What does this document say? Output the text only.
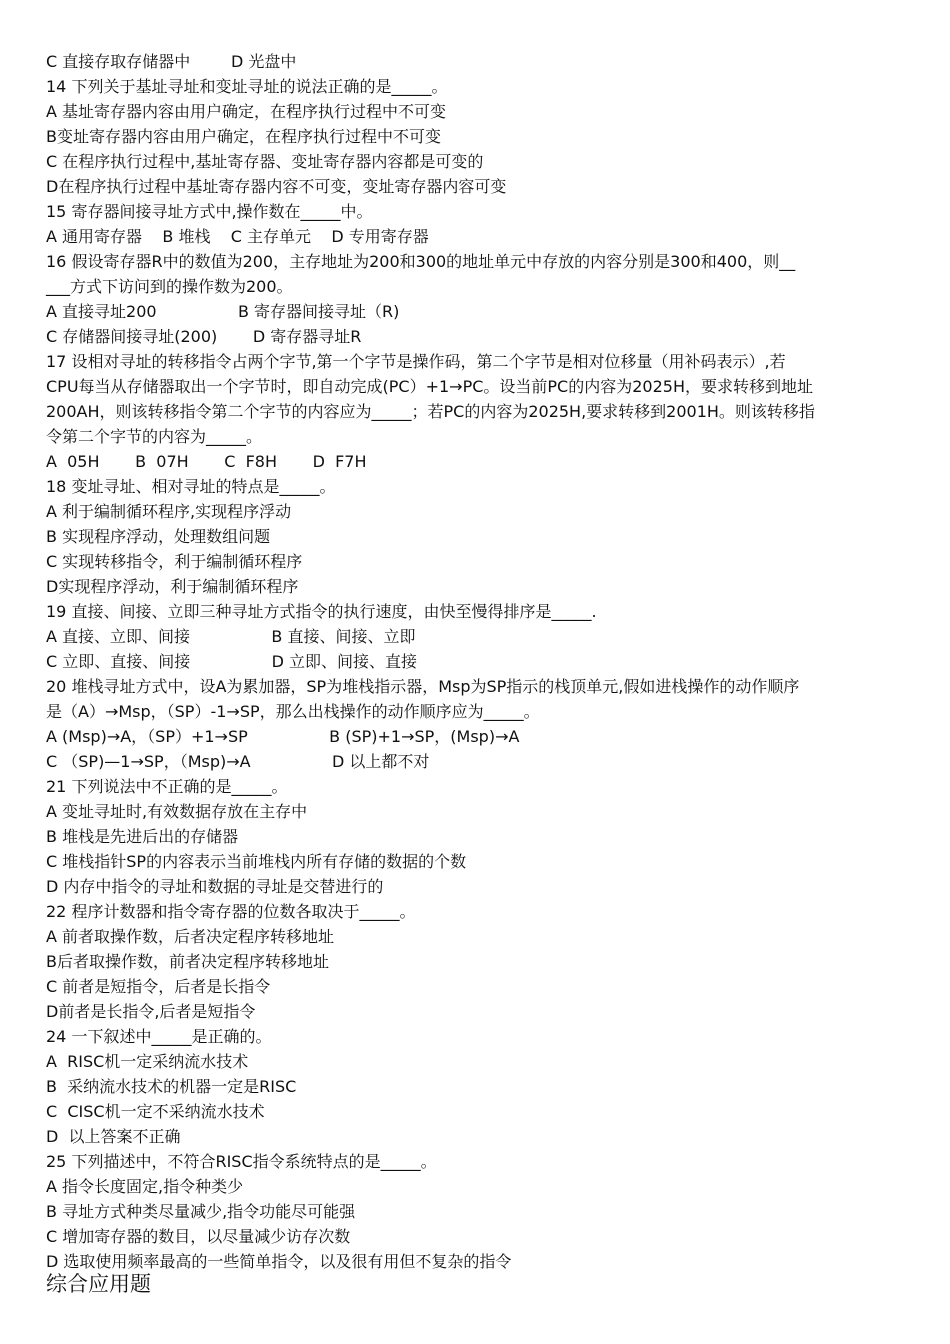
C 直接存取存储器中        D 光盘中
14 下列关于基址寻址和变址寻址的说法正确的是_____。
A 基址寄存器内容由用户确定，在程序执行过程中不可变
B变址寄存器内容由用户确定，在程序执行过程中不可变
C 在程序执行过程中,基址寄存器、变址寄存器内容都是可变的
D在程序执行过程中基址寄存器内容不可变，变址寄存器内容可变
15 寄存器间接寻址方式中,操作数在_____中。
A 通用寄存器    B 堆栈    C 主存单元    D 专用寄存器
16 假设寄存器R中的数值为200，主存地址为200和300的地址单元中存放的内容分别是300和400，则__
___方式下访问到的操作数为200。
A 直接寻址200                B 寄存器间接寻址（R)
C 存储器间接寻址(200)       D 寄存器寻址R
17 设相对寻址的转移指令占两个字节,第一个字节是操作码，第二个字节是相对位移量（用补码表示）,若
CPU每当从存储器取出一个字节时，即自动完成(PC）+1→PC。设当前PC的内容为2025H，要求转移到地址
200AH，则该转移指令第二个字节的内容应为_____；若PC的内容为2025H,要求转移到2001H。则该转移指
令第二个字节的内容为_____。
A  05H       B  07H       C  F8H       D  F7H
18 变址寻址、相对寻址的特点是_____。
A 利于编制循环程序,实现程序浮动
B 实现程序浮动，处理数组问题
C 实现转移指令，利于编制循环程序
D实现程序浮动，利于编制循环程序
19 直接、间接、立即三种寻址方式指令的执行速度，由快至慢得排序是_____.
A 直接、立即、间接                B 直接、间接、立即
C 立即、直接、间接                D 立即、间接、直接
20 堆栈寻址方式中，设A为累加器，SP为堆栈指示器，Msp为SP指示的栈顶单元,假如进栈操作的动作顺序
是（A）→Msp，（SP）-1→SP，那么出栈操作的动作顺序应为_____。
A (Msp)→A，（SP）+1→SP                B (SP)+1→SP，(Msp)→A
C （SP)—1→SP，（Msp)→A                D 以上都不对
21 下列说法中不正确的是_____。
A 变址寻址时,有效数据存放在主存中
B 堆栈是先进后出的存储器
C 堆栈指针SP的内容表示当前堆栈内所有存储的数据的个数
D 内存中指令的寻址和数据的寻址是交替进行的
22 程序计数器和指令寄存器的位数各取决于_____。
A 前者取操作数，后者决定程序转移地址
B后者取操作数，前者决定程序转移地址
C 前者是短指令，后者是长指令
D前者是长指令,后者是短指令
24 一下叙述中_____是正确的。
A  RISC机一定采纳流水技术
B  采纳流水技术的机器一定是RISC
C  CISC机一定不采纳流水技术
D  以上答案不正确
25 下列描述中，不符合RISC指令系统特点的是_____。
A 指令长度固定,指令种类少
B 寻址方式种类尽量减少,指令功能尽可能强
C 增加寄存器的数目，以尽量减少访存次数
D 选取使用频率最高的一些简单指令，以及很有用但不复杂的指令
综合应用题
